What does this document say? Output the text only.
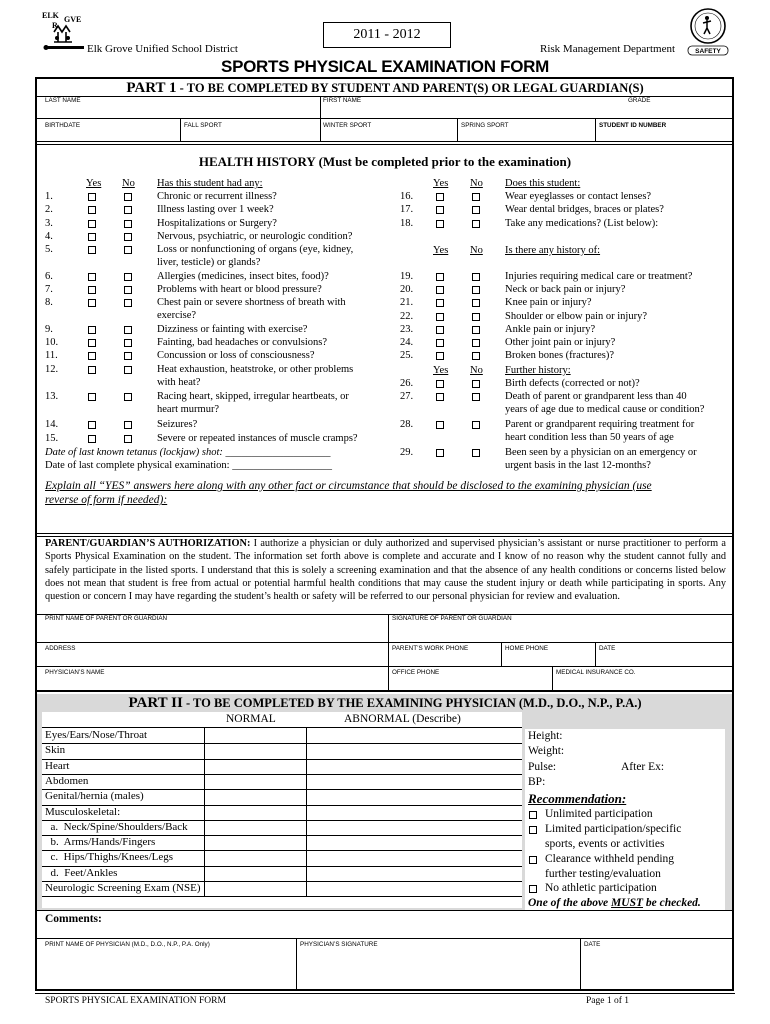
ELK GVE
R
Elk Grove Unified School District
2011 - 2012
Risk Management Department	SAFETY
SPORTS PHYSICAL EXAMINATION FORM
PART 1 - TO BE COMPLETED BY STUDENT AND PARENT(S) OR LEGAL GUARDIAN(S)
LAST NAME	FIRST NAME	GRADE
BIRTHDATE	FALL SPORT	WINTER SPORT	SPRING SPORT	STUDENT ID NUMBER
HEALTH HISTORY (Must be completed prior to the examination)
Date of last known tetanus (lockjaw) shot: ____________________
Date of last complete physical examination: ___________________
Explain all “YES” answers here along with any other fact or circumstance that should be disclosed to the examining physician (use
reverse of form if needed):
PARENT/GUARDIAN’S AUTHORIZATION: I authorize a physician or duly authorized and supervised physician’s assistant or nurse practitioner to perform a Sports Physical Examination on the student. The information set forth above is complete and accurate and I know of no reason why the student cannot fully and safely participate in the listed sports. I understand that this is solely a screening examination and that the absence of any health conditions or concerns listed below does not mean that student is free from actual or potential harmful health conditions that may cause the student injury or death while participating in sports. Any question or concern I may have regarding the student’s health or safety will be referred to our personal physician for review and evaluation.
PRINT NAME OF PARENT OR GUARDIAN	SIGNATURE OF PARENT OR GUARDIAN
ADDRESS	PARENT’S WORK PHONE	HOME PHONE	DATE
PHYSICIAN’S NAME	OFFICE PHONE	MEDICAL INSURANCE CO.
PART II - TO BE COMPLETED BY THE EXAMINING PHYSICIAN (M.D., D.O., N.P., P.A.)
NORMAL	ABNORMAL (Describe)
Height:
Weight:
Pulse:	After Ex:
BP:
Recommendation:
One of the above MUST be checked.
Comments:
PRINT NAME OF PHYSICIAN (M.D., D.O., N.P., P.A. Only)	PHYSICIAN’S SIGNATURE	DATE
SPORTS PHYSICAL EXAMINATION FORM	Page 1 of 1
Yes No Has this student had any:	Yes No Does this student:
Yes No Is there any history of:
Yes No Further history:
1.	Chronic or recurrent illness?
2.	Illness lasting over 1 week?
3.	Hospitalizations or Surgery?
4.	Nervous, psychiatric, or neurologic condition?
5.	Loss or nonfunctioning of organs (eye, kidney,
liver, testicle) or glands?
6.	Allergies (medicines, insect bites, food)?
7.	Problems with heart or blood pressure?
8.	Chest pain or severe shortness of breath with
exercise?
9.	Dizziness or fainting with exercise?
10.	Fainting, bad headaches or convulsions?
11.	Concussion or loss of consciousness?
12.	Heat exhaustion, heatstroke, or other problems
with heat?
13.	Racing heart, skipped, irregular heartbeats, or
heart murmur?
14.	Seizures?
15.	Severe or repeated instances of muscle cramps?
16.	Wear eyeglasses or contact lenses?
17.	Wear dental bridges, braces or plates?
18.	Take any medications? (List below):
19.	Injuries requiring medical care or treatment?
20.	Neck or back pain or injury?
21.	Knee pain or injury?
22.	Shoulder or elbow pain or injury?
23.	Ankle pain or injury?
24.	Other joint pain or injury?
25.	Broken bones (fractures)?
26.	Birth defects (corrected or not)?
27.	Death of parent or grandparent less than 40
years of age due to medical cause or condition?
28.	Parent or grandparent requiring treatment for
heart condition less than 50 years of age
29.	Been seen by a physician on an emergency or
urgent basis in the last 12-months?
Eyes/Ears/Nose/Throat
Skin
Heart
Abdomen
Genital/hernia (males)
Musculoskeletal:
a.  Neck/Spine/Shoulders/Back
b.  Arms/Hands/Fingers
c.  Hips/Thighs/Knees/Legs
d.  Feet/Ankles
Neurologic Screening Exam (NSE)
Unlimited participation
Limited participation/specific
sports, events or activities
Clearance withheld pending
further testing/evaluation
No athletic participation
